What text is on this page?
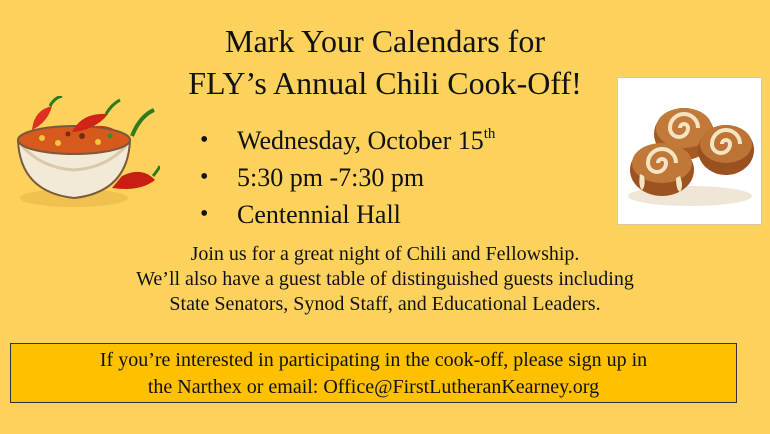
Mark Your Calendars for
FLY’s Annual Chili Cook-Off!
• Wednesday, October 15th
• 5:30 pm -7:30 pm
• Centennial Hall
Join us for a great night of Chili and Fellowship.
We’ll also have a guest table of distinguished guests including
State Senators, Synod Staff, and Educational Leaders.
If you’re interested in participating in the cook-off, please sign up in
the Narthex or email: Office@FirstLutheranKearney.org
